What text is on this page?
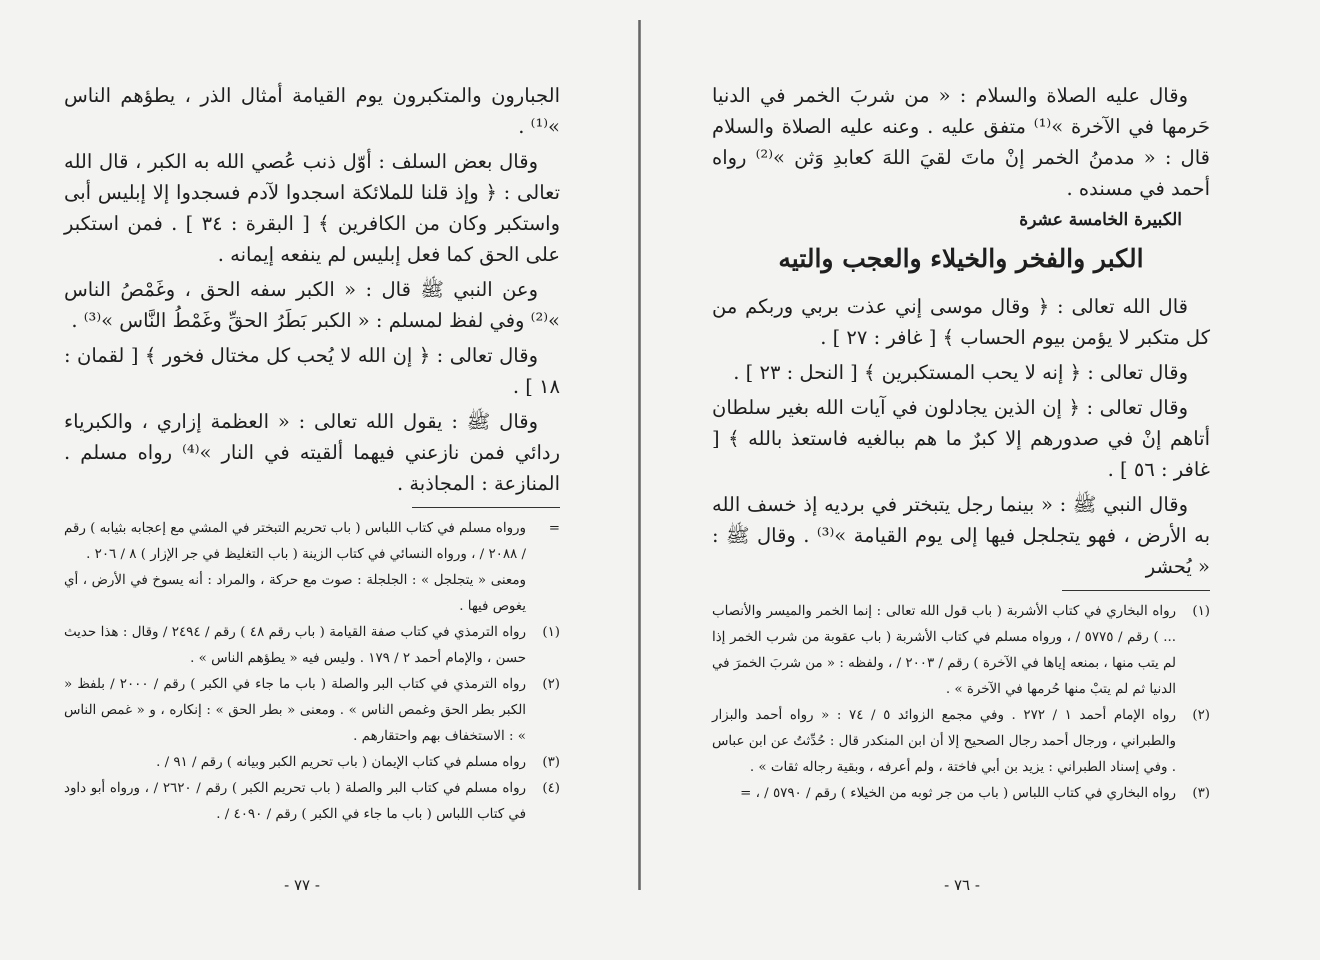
وقال عليه الصلاة والسلام : « من شربَ الخمر في الدنيا حَرمها في الآخرة »⁽¹⁾ متفق عليه . وعنه عليه الصلاة والسلام قال : « مدمنُ الخمر إنْ ماتَ لقيَ اللهَ كعابدِ وَثن »⁽²⁾ رواه أحمد في مسنده .

الكبيرة الخامسة عشرة
الكبر والفخر والخيلاء والعجب والتيه

قال الله تعالى : ﴿ وقال موسى إني عذت بربي وربكم من كل متكبر لا يؤمن بيوم الحساب ﴾ [ غافر : ٢٧ ] .

وقال تعالى : ﴿ إنه لا يحب المستكبرين ﴾ [ النحل : ٢٣ ] .

وقال تعالى : ﴿ إن الذين يجادلون في آيات الله بغير سلطان أتاهم إنْ في صدورهم إلا كبرٌ ما هم ببالغيه فاستعذ بالله ﴾ [ غافر : ٥٦ ] .

وقال النبي ﷺ : « بينما رجل يتبختر في برديه إذ خسف الله به الأرض ، فهو يتجلجل فيها إلى يوم القيامة »⁽³⁾ . وقال ﷺ : « يُحشر

(١)
رواه البخاري في كتاب الأشربة ( باب قول الله تعالى : إنما الخمر والميسر والأنصاب ... ) رقم / ٥٧٧٥ / ، ورواه مسلم في كتاب الأشربة ( باب عقوبة من شرب الخمر إذا لم يتب منها ، بمنعه إياها في الآخرة ) رقم / ٢٠٠٣ / ، ولفظه : « من شربَ الخمرَ في الدنيا ثم لم يتبْ منها حُرمها في الآخرة » .
(٢)
رواه الإمام أحمد ١ / ٢٧٢ . وفي مجمع الزوائد ٥ / ٧٤ : « رواه أحمد والبزار والطبراني ، ورجال أحمد رجال الصحيح إلا أن ابن المنكدر قال : حُدِّثتُ عن ابن عباس . وفي إسناد الطبراني : يزيد بن أبي فاختة ، ولم أعرفه ، وبقية رجاله ثقات » .
(٣)
رواه البخاري في كتاب اللباس ( باب من جر ثوبه من الخيلاء ) رقم / ٥٧٩٠ / ، =
- ٧٦ -

الجبارون والمتكبرون يوم القيامة أمثال الذر ، يطؤهم الناس »⁽¹⁾ .

وقال بعض السلف : أوّل ذنب عُصي الله به الكبر ، قال الله تعالى : ﴿ وإذ قلنا للملائكة اسجدوا لآدم فسجدوا إلا إبليس أبى واستكبر وكان من الكافرين ﴾ [ البقرة : ٣٤ ] . فمن استكبر على الحق كما فعل إبليس لم ينفعه إيمانه .

وعن النبي ﷺ قال : « الكبر سفه الحق ، وغَمْصُ الناس »⁽²⁾ وفي لفظ لمسلم : « الكبر بَطَرُ الحقِّ وغَمْطُ النَّاس »⁽³⁾ .

وقال تعالى : ﴿ إن الله لا يُحب كل مختال فخور ﴾ [ لقمان : ١٨ ] .

وقال ﷺ : يقول الله تعالى : « العظمة إزاري ، والكبرياء ردائي فمن نازعني فيهما ألقيته في النار »⁽⁴⁾ رواه مسلم . المنازعة : المجاذبة .

=
ورواه مسلم في كتاب اللباس ( باب تحريم التبختر في المشي مع إعجابه بثيابه ) رقم / ٢٠٨٨ / ، ورواه النسائي في كتاب الزينة ( باب التغليظ في جر الإزار ) ٨ / ٢٠٦ .
ومعنى « يتجلجل » : الجلجلة : صوت مع حركة ، والمراد : أنه يسوخ في الأرض ، أي يغوص فيها .
(١)
رواه الترمذي في كتاب صفة القيامة ( باب رقم ٤٨ ) رقم / ٢٤٩٤ / وقال : هذا حديث حسن ، والإمام أحمد ٢ / ١٧٩ . وليس فيه « يطؤهم الناس » .
(٢)
رواه الترمذي في كتاب البر والصلة ( باب ما جاء في الكبر ) رقم / ٢٠٠٠ / بلفظ « الكبر بطر الحق وغمص الناس » . ومعنى « بطر الحق » : إنكاره ، و « غمص الناس » : الاستخفاف بهم واحتقارهم .
(٣)
رواه مسلم في كتاب الإيمان ( باب تحريم الكبر وبيانه ) رقم / ٩١ / .
(٤)
رواه مسلم في كتاب البر والصلة ( باب تحريم الكبر ) رقم / ٢٦٢٠ / ، ورواه أبو داود في كتاب اللباس ( باب ما جاء في الكبر ) رقم / ٤٠٩٠ / .
- ٧٧ -
